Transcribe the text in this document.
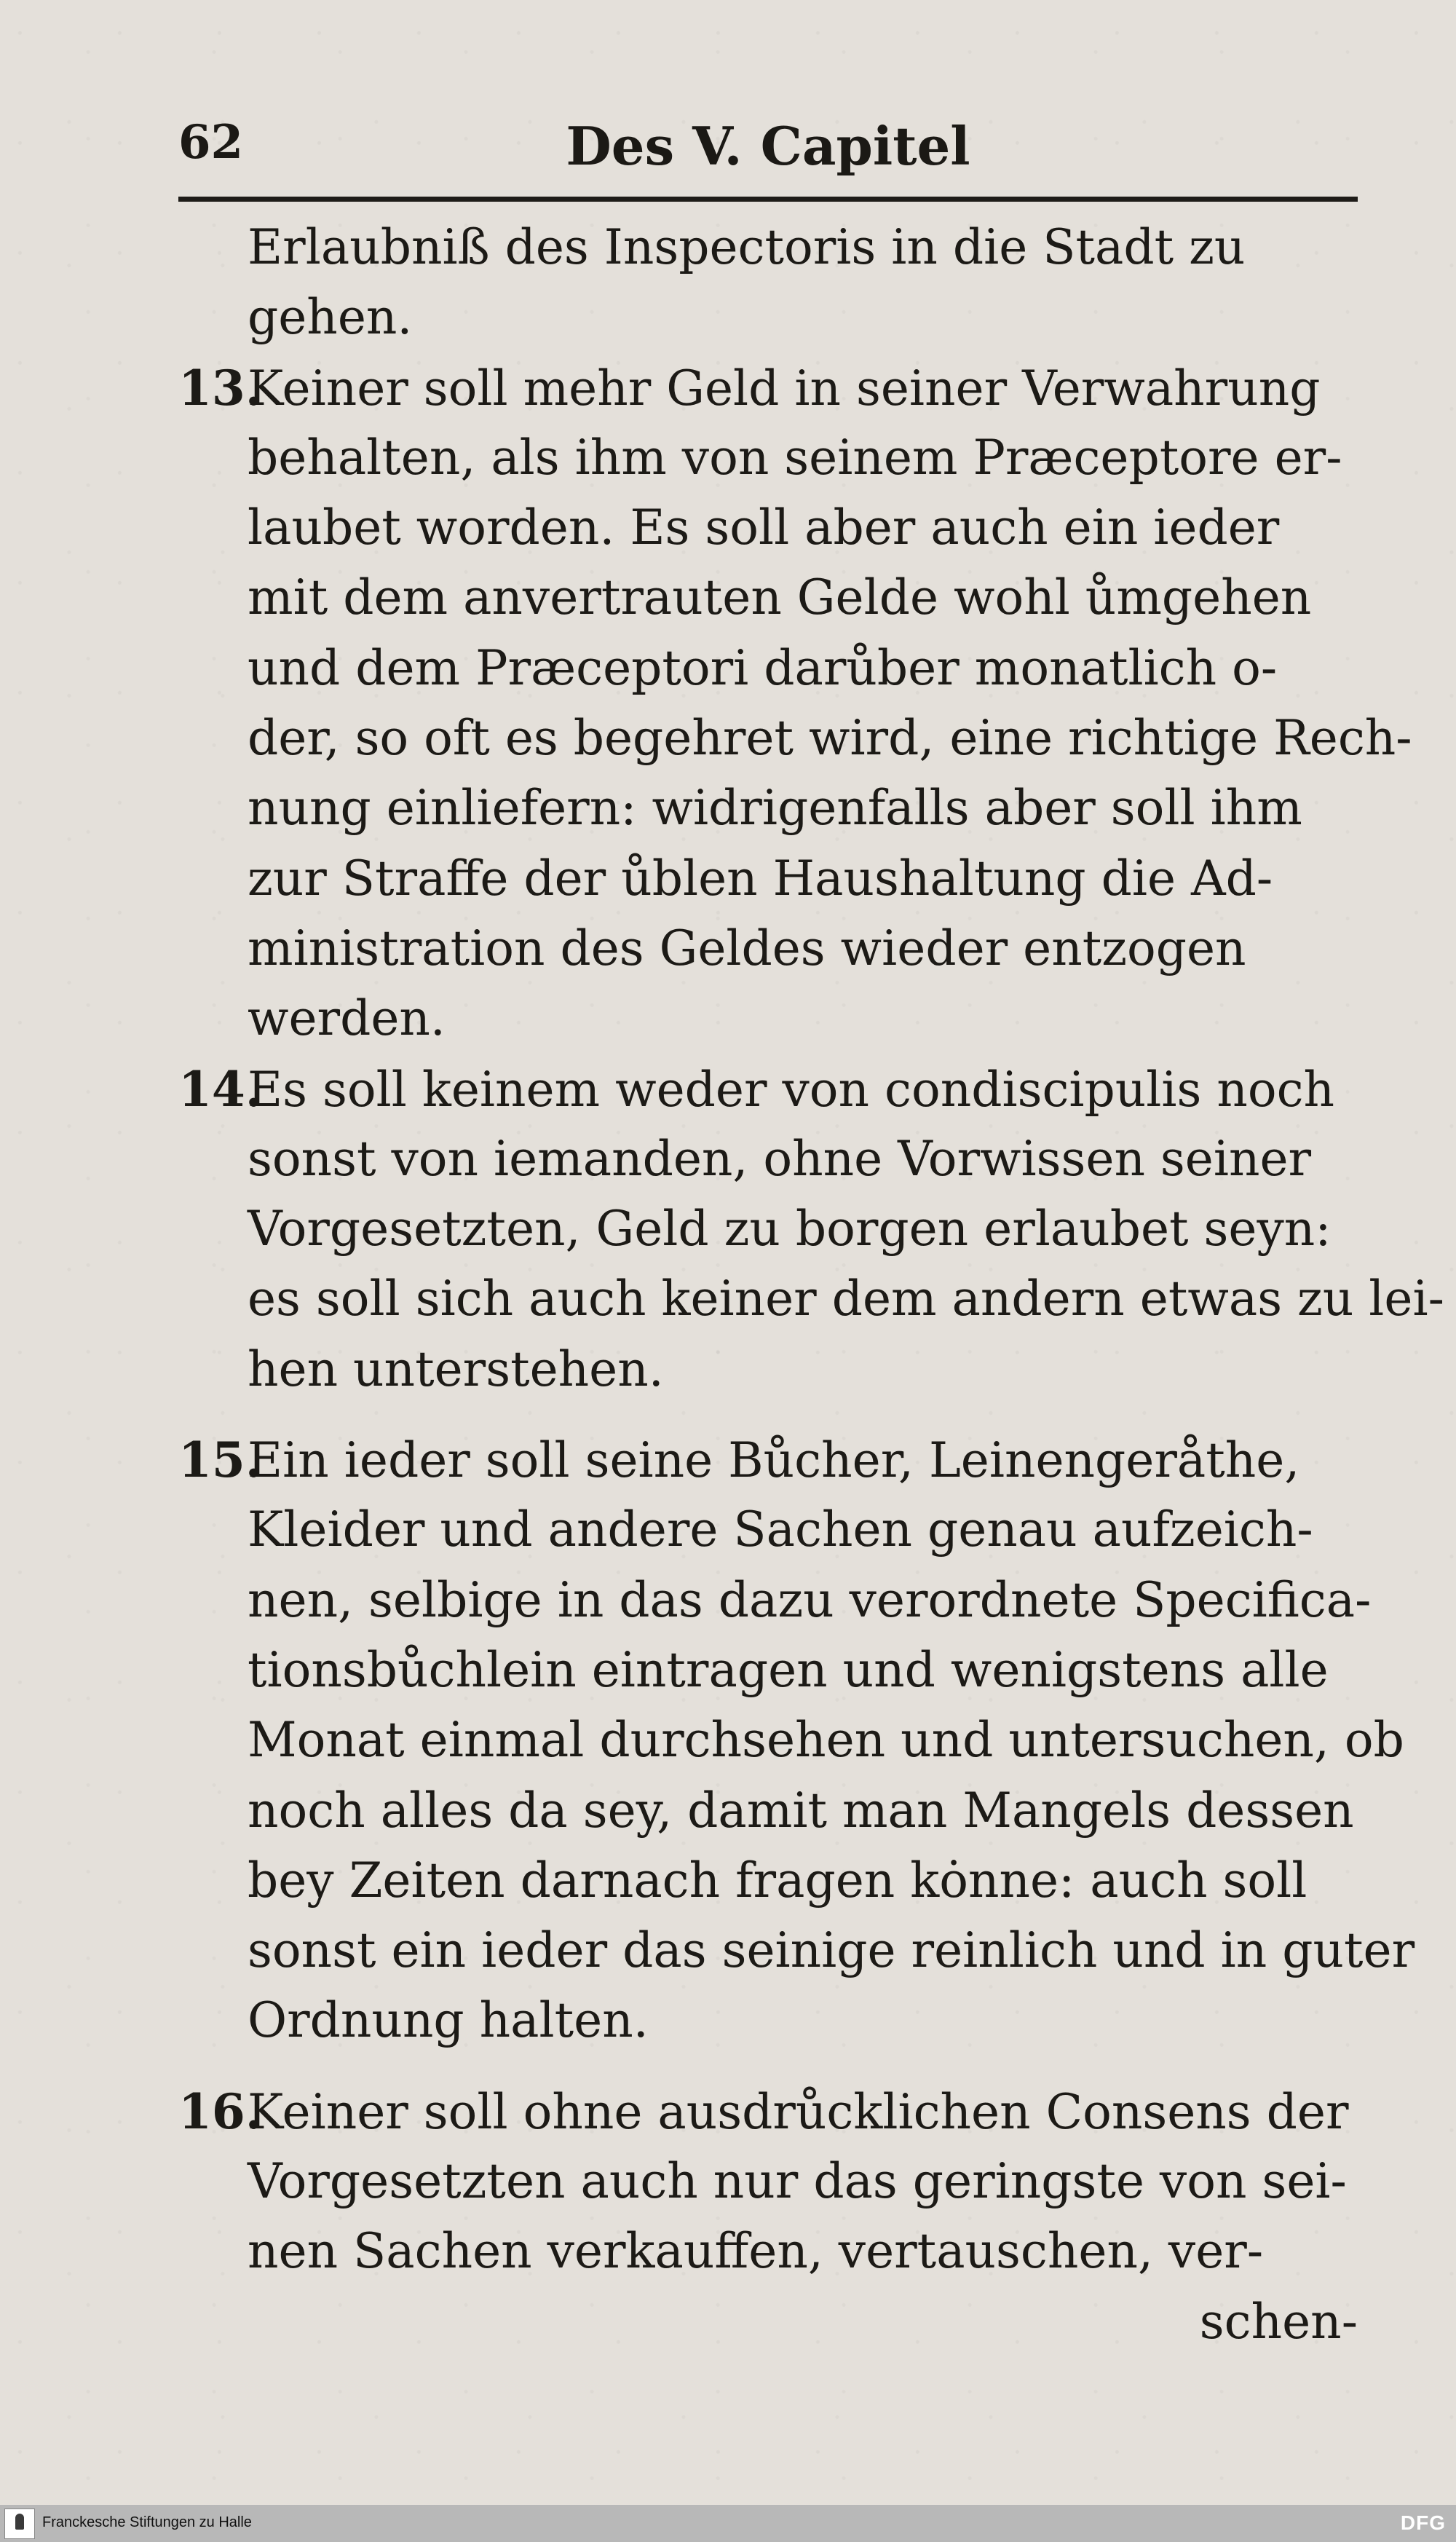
62	Des V. Capitel
Erlaubniß des Inspectoris in die Stadt zu
gehen.
13.Keiner soll mehr Geld in seiner Verwahrung
behalten, als ihm von seinem Præceptore er-
laubet worden. Es soll aber auch ein ieder
mit dem anvertrauten Gelde wohl ůmgehen
und dem Præceptori darůber monatlich o-
der, so oft es begehret wird, eine richtige Rech-
nung einliefern: widrigenfalls aber soll ihm
zur Straffe der ůblen Haushaltung die Ad-
ministration des Geldes wieder entzogen
werden.
14.Es soll keinem weder von condiscipulis noch
sonst von iemanden, ohne Vorwissen seiner
Vorgesetzten, Geld zu borgen erlaubet seyn:
es soll sich auch keiner dem andern etwas zu lei-
hen unterstehen.
15.Ein ieder soll seine Bůcher, Leinengeråthe,
Kleider und andere Sachen genau aufzeich-
nen, selbige in das dazu verordnete Specifica-
tionsbůchlein eintragen und wenigstens alle
Monat einmal durchsehen und untersuchen, ob
noch alles da sey, damit man Mangels dessen
bey Zeiten darnach fragen kȯnne: auch soll
sonst ein ieder das seinige reinlich und in guter
Ordnung halten.
16.Keiner soll ohne ausdrůcklichen Consens der
Vorgesetzten auch nur das geringste von sei-
nen Sachen verkauffen, vertauschen, ver-
schen-
Franckesche Stiftungen zu Halle	DFG
